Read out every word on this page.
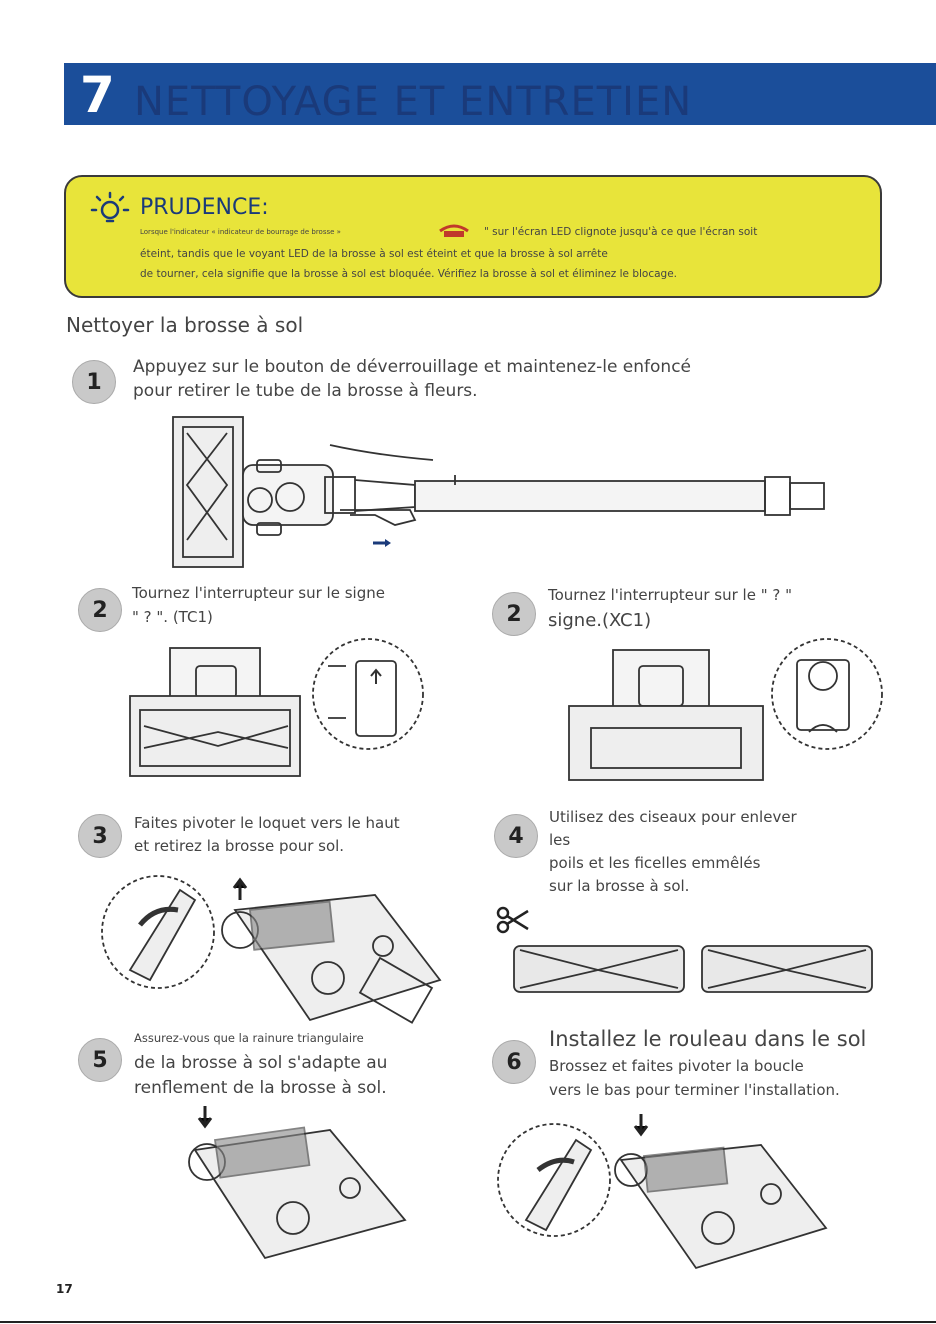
7 NETTOYAGE ET ENTRETIEN
PRUDENCE:
Lorsque l'indicateur « indicateur de bourrage de brosse »	" sur l'écran LED clignote jusqu'à ce que l'écran soit
éteint, tandis que le voyant LED de la brosse à sol est éteint et que la brosse à sol arrête
de tourner, cela signifie que la brosse à sol est bloquée. Vérifiez la brosse à sol et éliminez le blocage.
Nettoyer la brosse à sol
1
Appuyez sur le bouton de déverrouillage et maintenez-le enfoncé
pour retirer le tube de la brosse à fleurs.
2
Tournez l'interrupteur sur le signe
" ? ". (TC1)	2
Tournez l'interrupteur sur le " ? "
signe.(XC1)
3
Faites pivoter le loquet vers le haut
et retirez la brosse pour sol.	4
Utilisez des ciseaux pour enlever
les
poils et les ficelles emmêlés
sur la brosse à sol.
5
Assurez-vous que la rainure triangulaire
de la brosse à sol s'adapte au
renflement de la brosse à sol.
6
Installez le rouleau dans le sol
Brossez et faites pivoter la boucle
vers le bas pour terminer l'installation.
17
